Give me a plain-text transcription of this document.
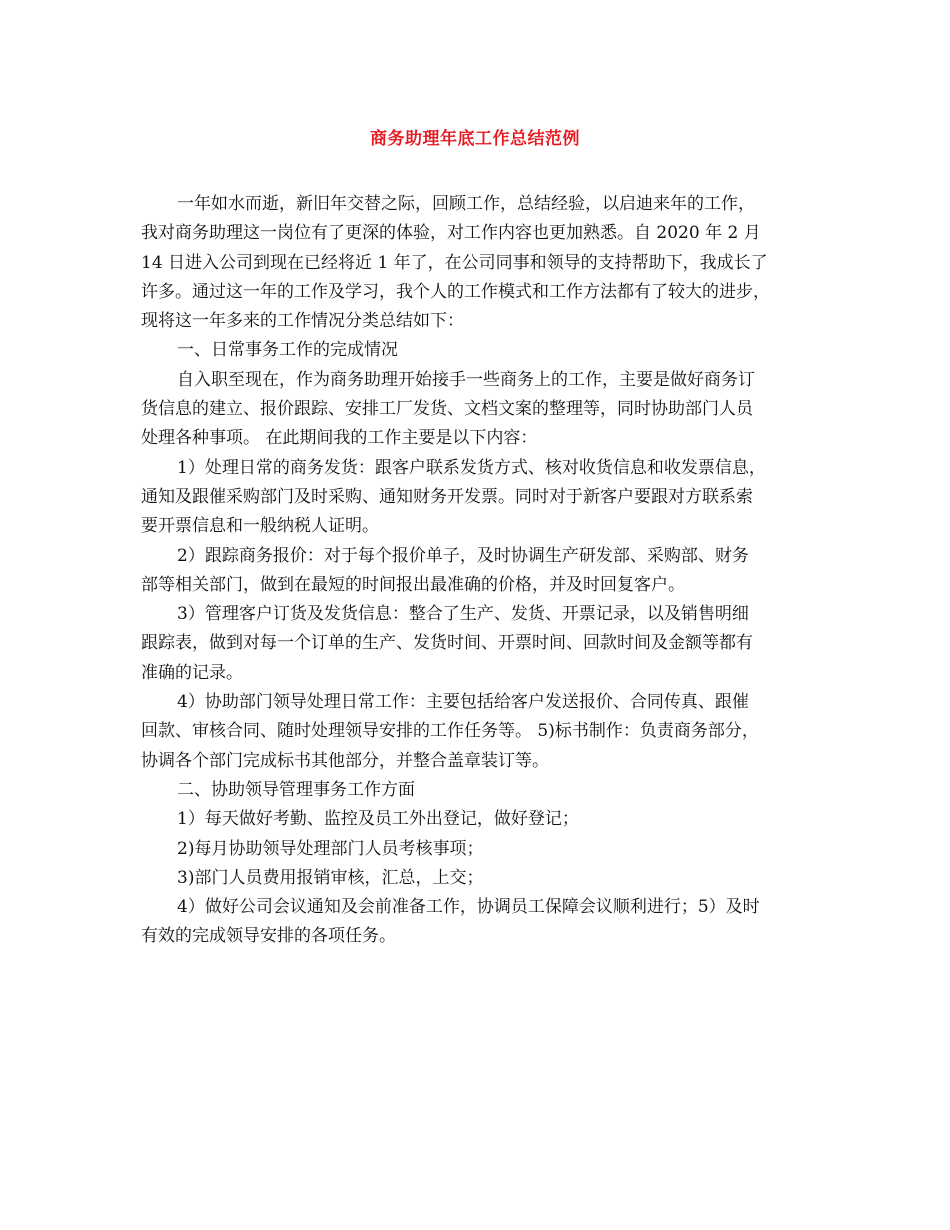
商务助理年底工作总结范例
一年如水而逝，新旧年交替之际，回顾工作，总结经验，以启迪来年的工作，
我对商务助理这一岗位有了更深的体验，对工作内容也更加熟悉。自 2020 年 2 月
14 日进入公司到现在已经将近 1 年了，在公司同事和领导的支持帮助下，我成长了
许多。通过这一年的工作及学习，我个人的工作模式和工作方法都有了较大的进步，
现将这一年多来的工作情况分类总结如下：
一、日常事务工作的完成情况
自入职至现在，作为商务助理开始接手一些商务上的工作，主要是做好商务订
货信息的建立、报价跟踪、安排工厂发货、文档文案的整理等，同时协助部门人员
处理各种事项。 在此期间我的工作主要是以下内容：
1）处理日常的商务发货：跟客户联系发货方式、核对收货信息和收发票信息，
通知及跟催采购部门及时采购、通知财务开发票。同时对于新客户要跟对方联系索
要开票信息和一般纳税人证明。
2）跟踪商务报价：对于每个报价单子，及时协调生产研发部、采购部、财务
部等相关部门，做到在最短的时间报出最准确的价格，并及时回复客户。
3）管理客户订货及发货信息：整合了生产、发货、开票记录，以及销售明细
跟踪表，做到对每一个订单的生产、发货时间、开票时间、回款时间及金额等都有
准确的记录。
4）协助部门领导处理日常工作：主要包括给客户发送报价、合同传真、跟催
回款、审核合同、随时处理领导安排的工作任务等。 5)标书制作：负责商务部分，
协调各个部门完成标书其他部分，并整合盖章装订等。
二、协助领导管理事务工作方面
1）每天做好考勤、监控及员工外出登记，做好登记；
2)每月协助领导处理部门人员考核事项；
3)部门人员费用报销审核，汇总，上交；
4）做好公司会议通知及会前准备工作，协调员工保障会议顺利进行；5）及时
有效的完成领导安排的各项任务。
